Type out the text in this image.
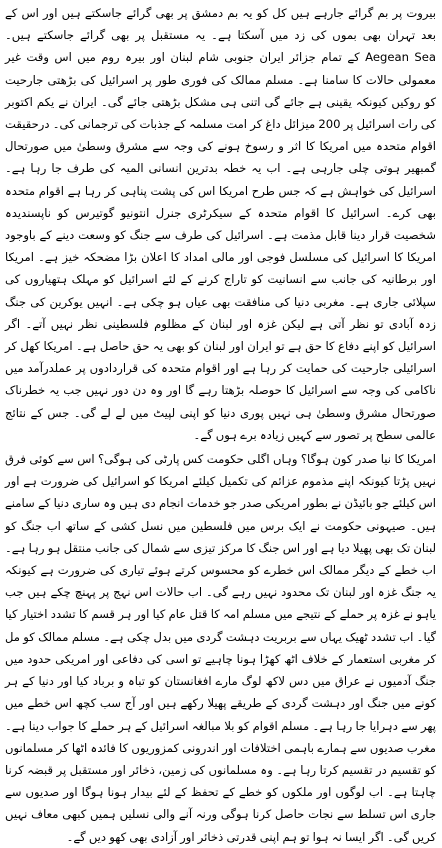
بیروت پر بم گرائے جارہے ہیں کل کو یہ بم دمشق پر بھی گرائے جاسکتے ہیں اور اس کے بعد تہران بھی بموں کی زد میں آسکتا ہے۔ یہ مستقبل پر بھی گرائے جاسکتے ہیں۔ Aegean Sea کے تمام جزائر ایران جنوبی شام لبنان اور بیرہ روم میں اس وقت غیر معمولی حالات کا سامنا ہے۔ مسلم ممالک کی فوری طور پر اسرائیل کی بڑھتی جارحیت کو روکیں کیونکہ یقینی ہے جائے گی اتنی ہی مشکل بڑھتی جائے گی۔ ایران نے یکم اکتوبر کی رات اسرائیل پر 200 میزائل داغ کر امت مسلمہ کے جذبات کی ترجمانی کی۔ درحقیقت اقوام متحدہ میں امریکا کا اثر و رسوخ ہونے کی وجہ سے مشرق وسطیٰ میں صورتحال گمبھیر ہوتی چلی جارہی ہے۔ اب یہ خطہ بدترین انسانی المیہ کی طرف جا رہا ہے۔ اسرائیل کی خواہش ہے کہ جس طرح امریکا اس کی پشت پناہی کر رہا ہے اقوام متحدہ بھی کرے۔ اسرائیل کا اقوام متحدہ کے سیکرٹری جنرل انتونیو گوتیرس کو ناپسندیدہ شخصیت قرار دینا قابل مذمت ہے۔ اسرائیل کی طرف سے جنگ کو وسعت دینے کے باوجود امریکا کا اسرائیل کی مسلسل فوجی اور مالی امداد کا اعلان بڑا مضحکہ خیز ہے۔ امریکا اور برطانیہ کی جانب سے انسانیت کو تاراج کرنے کے لئے اسرائیل کو مہلک ہتھیاروں کی سپلائی جاری ہے۔ مغربی دنیا کی منافقت بھی عیاں ہو چکی ہے۔ انہیں یوکرین کی جنگ زدہ آبادی تو نظر آتی ہے لیکن غزہ اور لبنان کے مظلوم فلسطینی نظر نہیں آتے۔ اگر اسرائیل کو اپنے دفاع کا حق ہے تو ایران اور لبنان کو بھی یہ حق حاصل ہے۔ امریکا کھل کر اسرائیلی جارحیت کی حمایت کر رہا ہے اور اقوام متحدہ کی قراردادوں پر عملدرآمد میں ناکامی کی وجہ سے اسرائیل کا حوصلہ بڑھتا رہے گا اور وہ دن دور نہیں جب یہ خطرناک صورتحال مشرق وسطیٰ ہی نہیں پوری دنیا کو اپنی لپیٹ میں لے لے گی۔ جس کے نتائج عالمی سطح پر تصور سے کہیں زیادہ برے ہوں گے۔

امریکا کا نیا صدر کون ہوگا؟ وہاں اگلی حکومت کس پارٹی کی ہوگی؟ اس سے کوئی فرق نہیں پڑتا کیونکہ اپنے مذموم عزائم کی تکمیل کیلئے امریکا کو اسرائیل کی ضرورت ہے اور اس کیلئے جو بائیڈن نے بطور امریکی صدر جو خدمات انجام دی ہیں وہ ساری دنیا کے سامنے ہیں۔ صیہونی حکومت نے ایک برس میں فلسطین میں نسل کشی کے ساتھ اب جنگ کو لبنان تک بھی پھیلا دیا ہے اور اس جنگ کا مرکز تیزی سے شمال کی جانب منتقل ہو رہا ہے۔ اب خطے کے دیگر ممالک اس خطرے کو محسوس کرتے ہوئے تیاری کی ضرورت ہے کیونکہ یہ جنگ غزہ اور لبنان تک محدود نہیں رہے گی۔ اب حالات اس نہج پر پہنچ چکے ہیں جب یاہو نے غزہ پر حملے کے نتیجے میں مسلم امہ کا قتل عام کیا اور ہر قسم کا تشدد اختیار کیا گیا۔ اب تشدد ٹھیک یہاں سے بربریت دہشت گردی میں بدل چکی ہے۔ مسلم ممالک کو مل کر مغربی استعمار کے خلاف اٹھ کھڑا ہونا چاہیے تو اسی کی دفاعی اور امریکی حدود میں جنگ آدمیوں نے عراق میں دس لاکھ لوگ مارے افغانستان کو تباہ و برباد کیا اور دنیا کے ہر کونے میں جنگ اور دہشت گردی کے طریقے پھیلا رکھے ہیں اور آج سب کچھ اس خطے میں پھر سے دہرایا جا رہا ہے۔ مسلم اقوام کو بلا مبالغہ اسرائیل کے ہر حملے کا جواب دینا ہے۔ مغرب صدیوں سے ہمارے باہمی اختلافات اور اندرونی کمزوریوں کا فائدہ اٹھا کر مسلمانوں کو تقسیم در تقسیم کرتا رہا ہے۔ وہ مسلمانوں کی زمین، ذخائر اور مستقبل پر قبضہ کرنا چاہتا ہے۔ اب لوگوں اور ملکوں کو خطے کے تحفظ کے لئے بیدار ہونا ہوگا اور صدیوں سے جاری اس تسلط سے نجات حاصل کرنا ہوگی ورنہ آنے والی نسلیں ہمیں کبھی معاف نہیں کریں گی۔ اگر ایسا نہ ہوا تو ہم اپنی قدرتی ذخائر اور آزادی بھی کھو دیں گے۔
